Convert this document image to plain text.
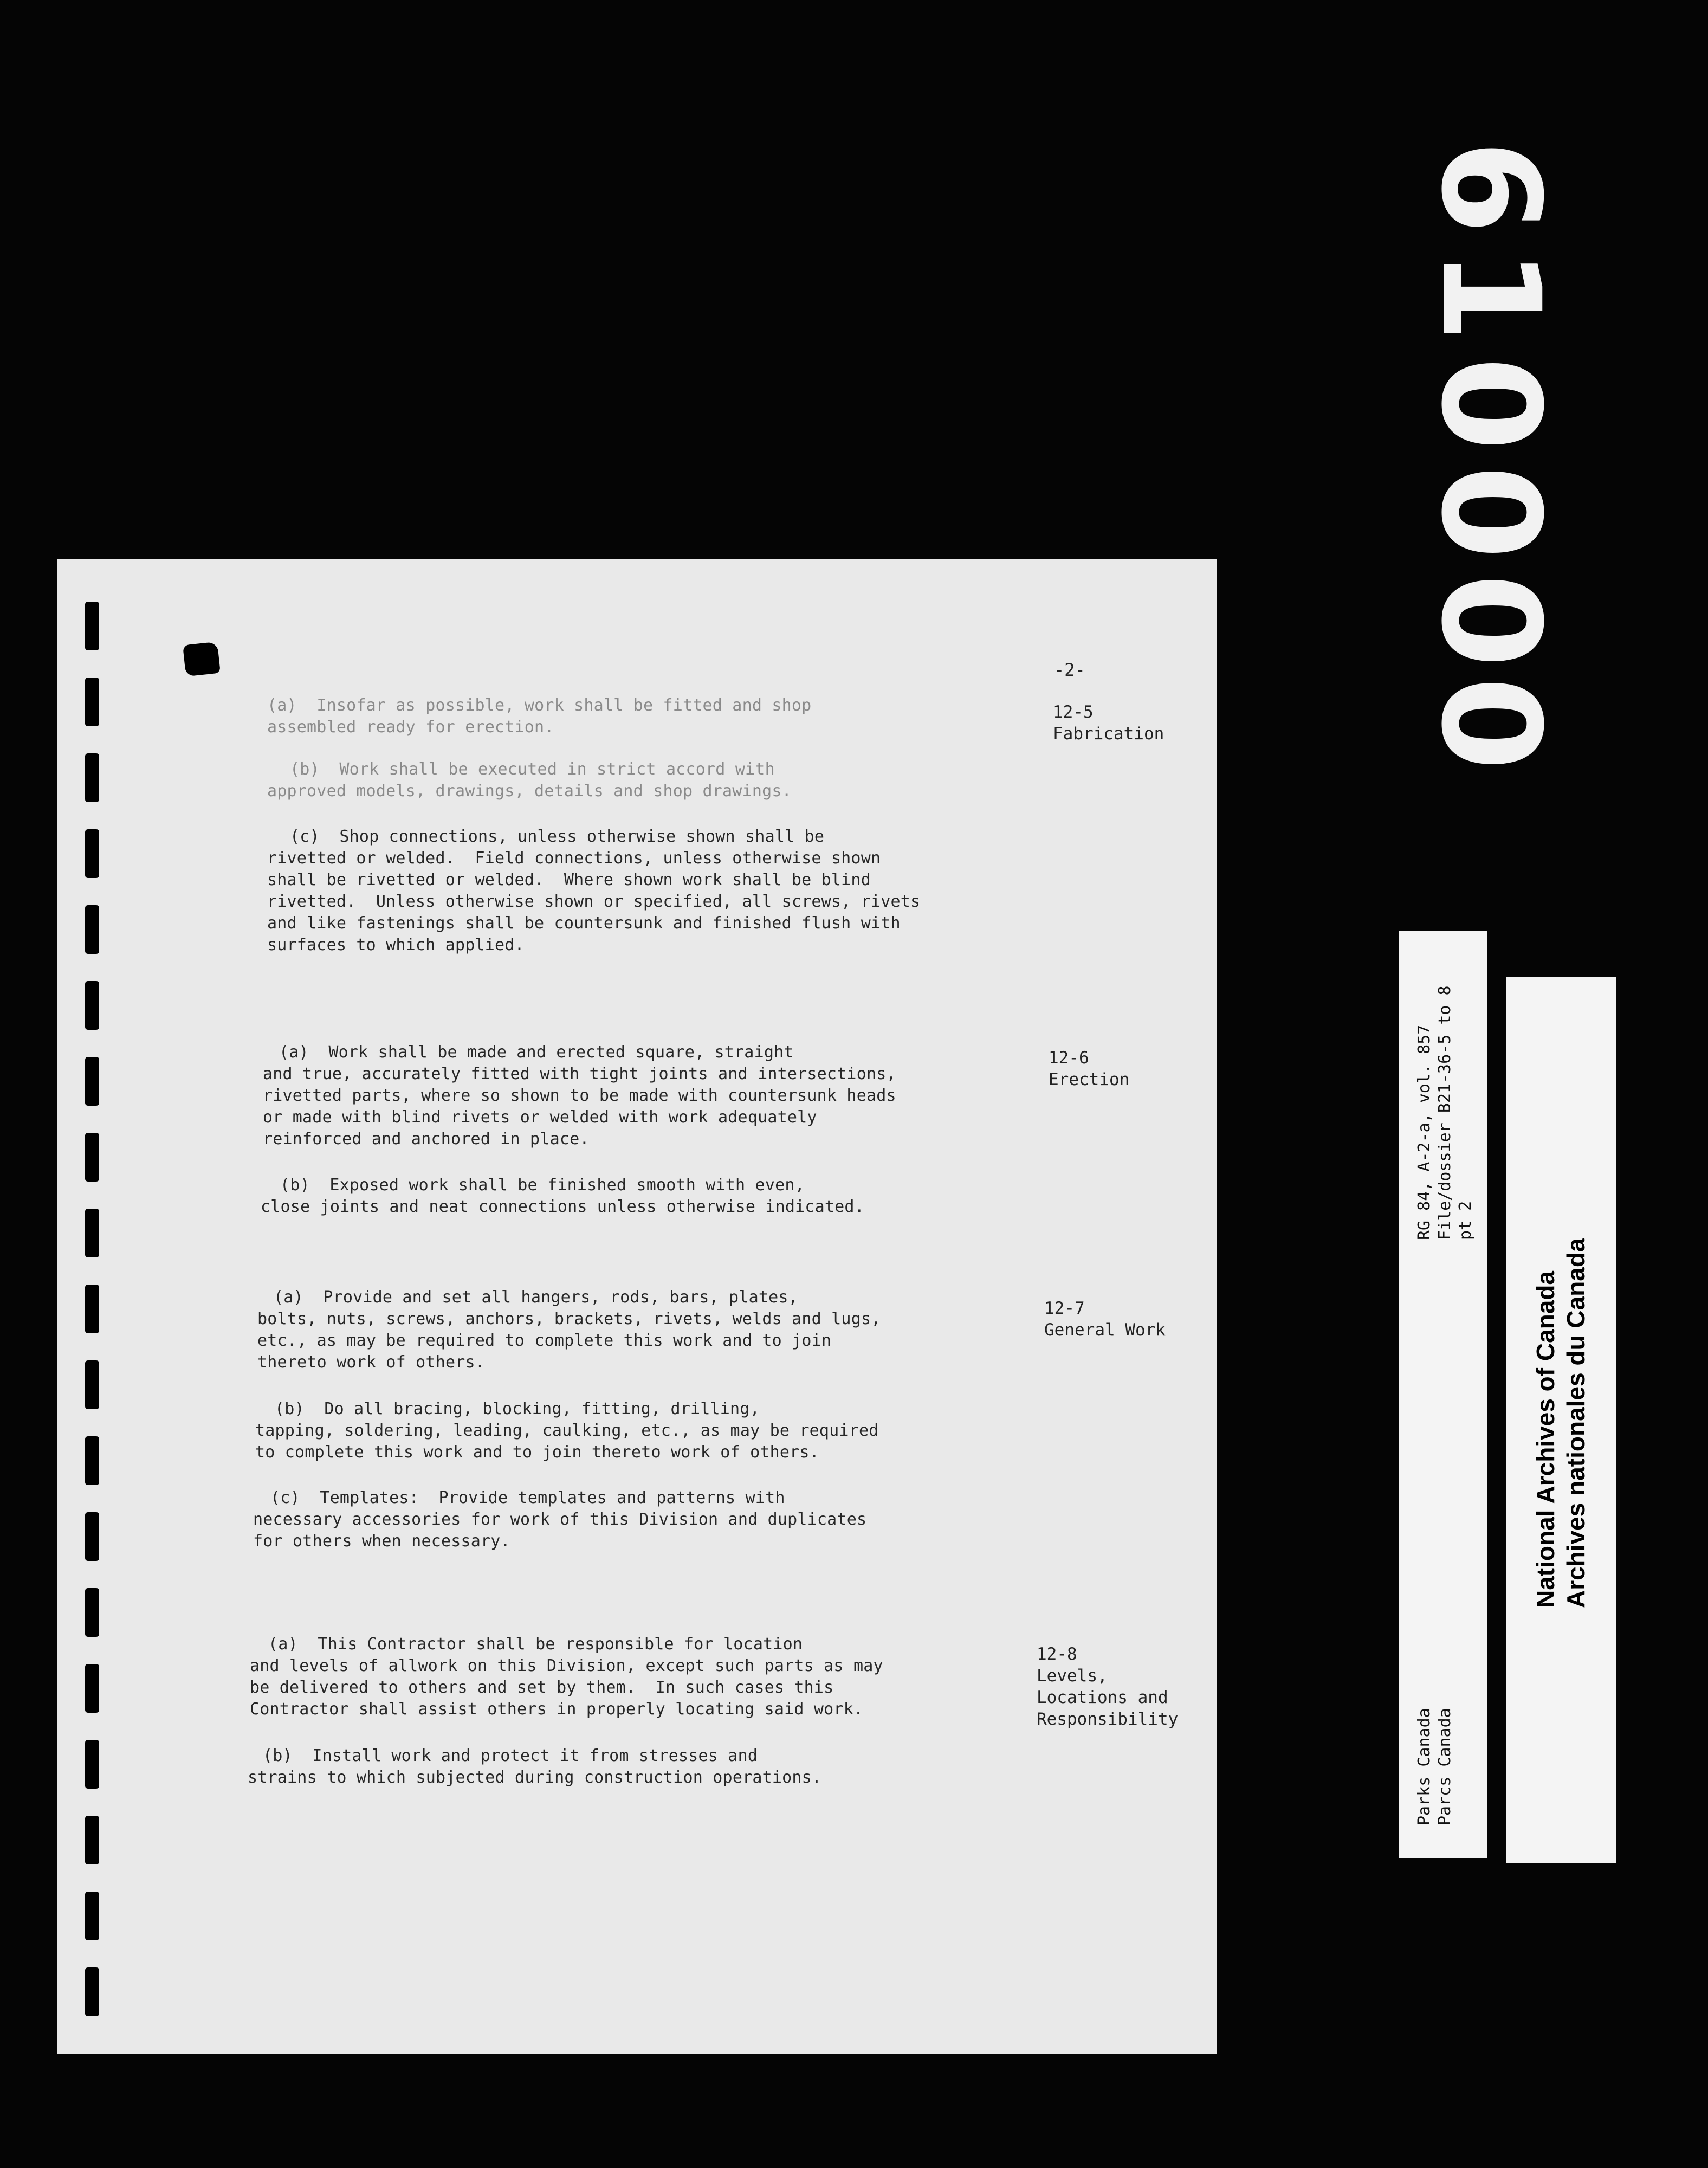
6
1
0
0
0
0
-2-
12-5
Fabrication
(a) Insofar as possible, work shall be fitted and shop
assembled ready for erection.
(b) Work shall be executed in strict accord with
approved models, drawings, details and shop drawings.
(c) Shop connections, unless otherwise shown shall be
rivetted or welded.  Field connections, unless otherwise shown
shall be rivetted or welded.  Where shown work shall be blind
rivetted.  Unless otherwise shown or specified, all screws, rivets
and like fastenings shall be countersunk and finished flush with
surfaces to which applied.
12-6
Erection
(a) Work shall be made and erected square, straight
and true, accurately fitted with tight joints and intersections,
rivetted parts, where so shown to be made with countersunk heads
or made with blind rivets or welded with work adequately
reinforced and anchored in place.
(b) Exposed work shall be finished smooth with even,
close joints and neat connections unless otherwise indicated.
12-7
General Work
(a) Provide and set all hangers, rods, bars, plates,
bolts, nuts, screws, anchors, brackets, rivets, welds and lugs,
etc., as may be required to complete this work and to join
thereto work of others.
(b) Do all bracing, blocking, fitting, drilling,
tapping, soldering, leading, caulking, etc., as may be required
to complete this work and to join thereto work of others.
(c) Templates:  Provide templates and patterns with
necessary accessories for work of this Division and duplicates
for others when necessary.
12-8
Levels,
Locations and
Responsibility
(a) This Contractor shall be responsible for location
and levels of allwork on this Division, except such parts as may
be delivered to others and set by them.  In such cases this
Contractor shall assist others in properly locating said work.
(b) Install work and protect it from stresses and
strains to which subjected during construction operations.	Parks Canada Parcs Canada
RG 84, A-2-a, vol. 857 File/dossier B21-36-5 to 8 pt 2
National Archives of Canada Archives nationales du Canada
